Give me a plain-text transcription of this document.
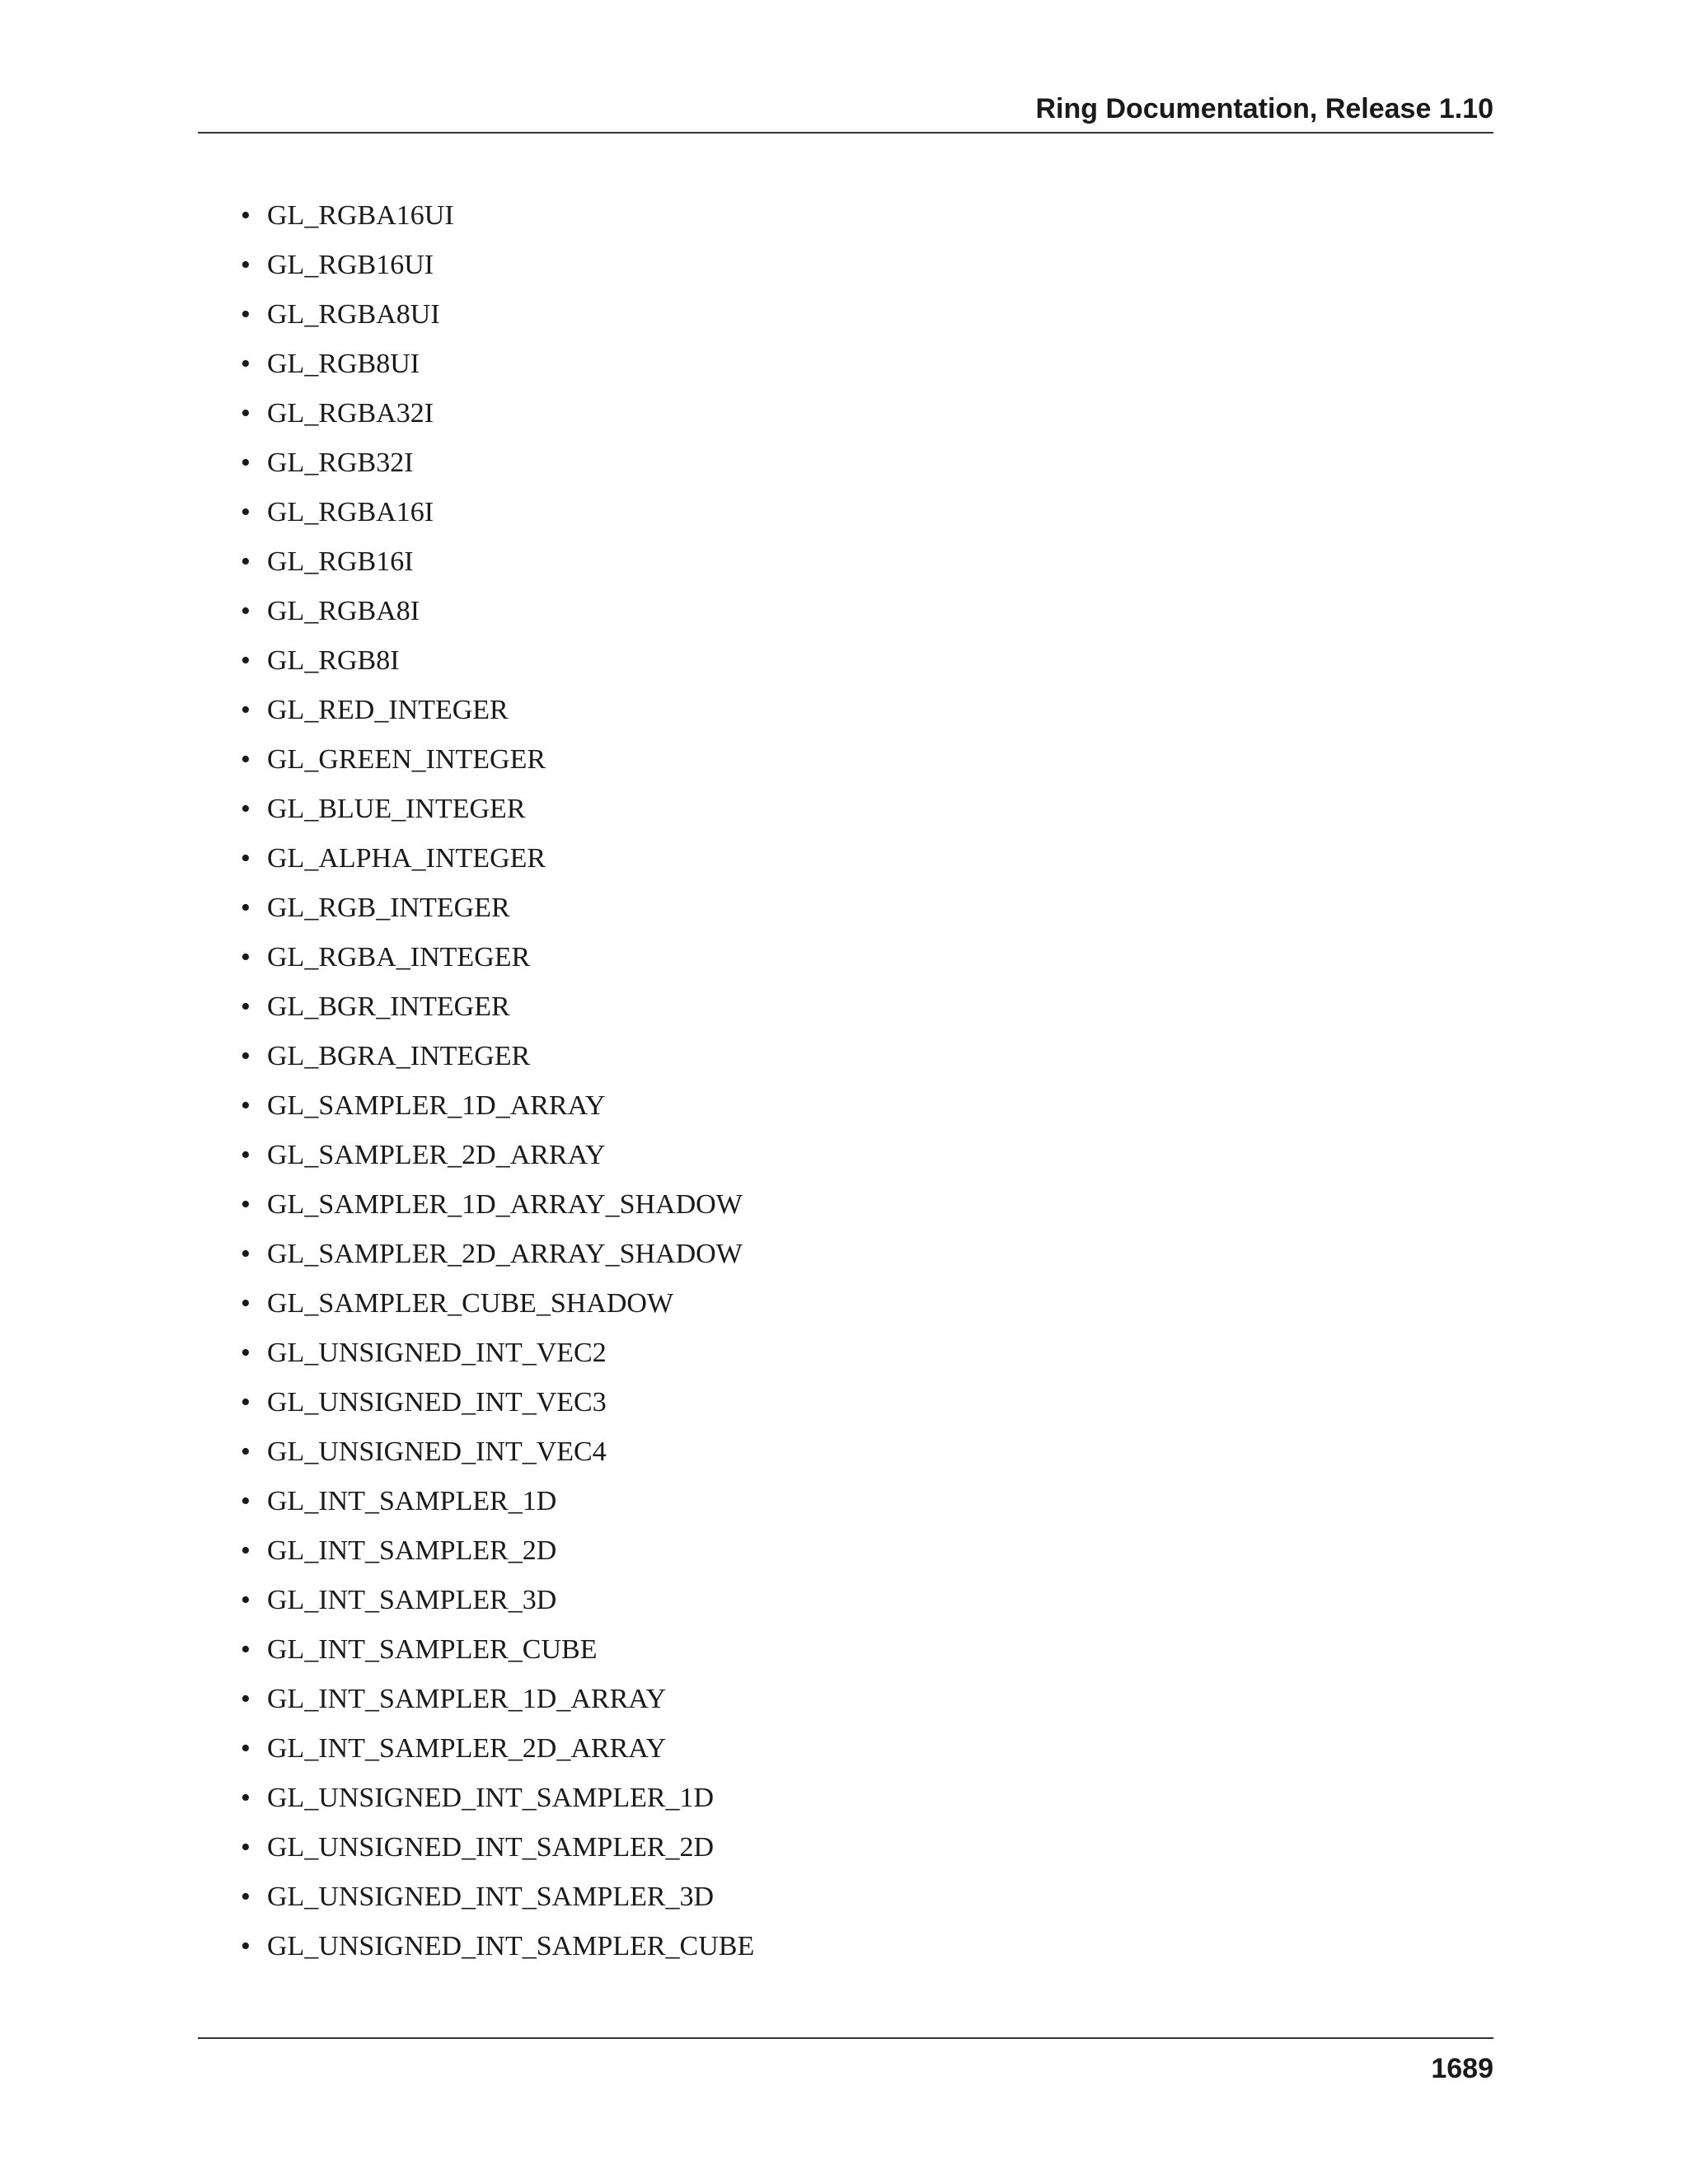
Ring Documentation, Release 1.10
• GL_RGBA16UI
• GL_RGB16UI
• GL_RGBA8UI
• GL_RGB8UI
• GL_RGBA32I
• GL_RGB32I
• GL_RGBA16I
• GL_RGB16I
• GL_RGBA8I
• GL_RGB8I
• GL_RED_INTEGER
• GL_GREEN_INTEGER
• GL_BLUE_INTEGER
• GL_ALPHA_INTEGER
• GL_RGB_INTEGER
• GL_RGBA_INTEGER
• GL_BGR_INTEGER
• GL_BGRA_INTEGER
• GL_SAMPLER_1D_ARRAY
• GL_SAMPLER_2D_ARRAY
• GL_SAMPLER_1D_ARRAY_SHADOW
• GL_SAMPLER_2D_ARRAY_SHADOW
• GL_SAMPLER_CUBE_SHADOW
• GL_UNSIGNED_INT_VEC2
• GL_UNSIGNED_INT_VEC3
• GL_UNSIGNED_INT_VEC4
• GL_INT_SAMPLER_1D
• GL_INT_SAMPLER_2D
• GL_INT_SAMPLER_3D
• GL_INT_SAMPLER_CUBE
• GL_INT_SAMPLER_1D_ARRAY
• GL_INT_SAMPLER_2D_ARRAY
• GL_UNSIGNED_INT_SAMPLER_1D
• GL_UNSIGNED_INT_SAMPLER_2D
• GL_UNSIGNED_INT_SAMPLER_3D
• GL_UNSIGNED_INT_SAMPLER_CUBE
1689
